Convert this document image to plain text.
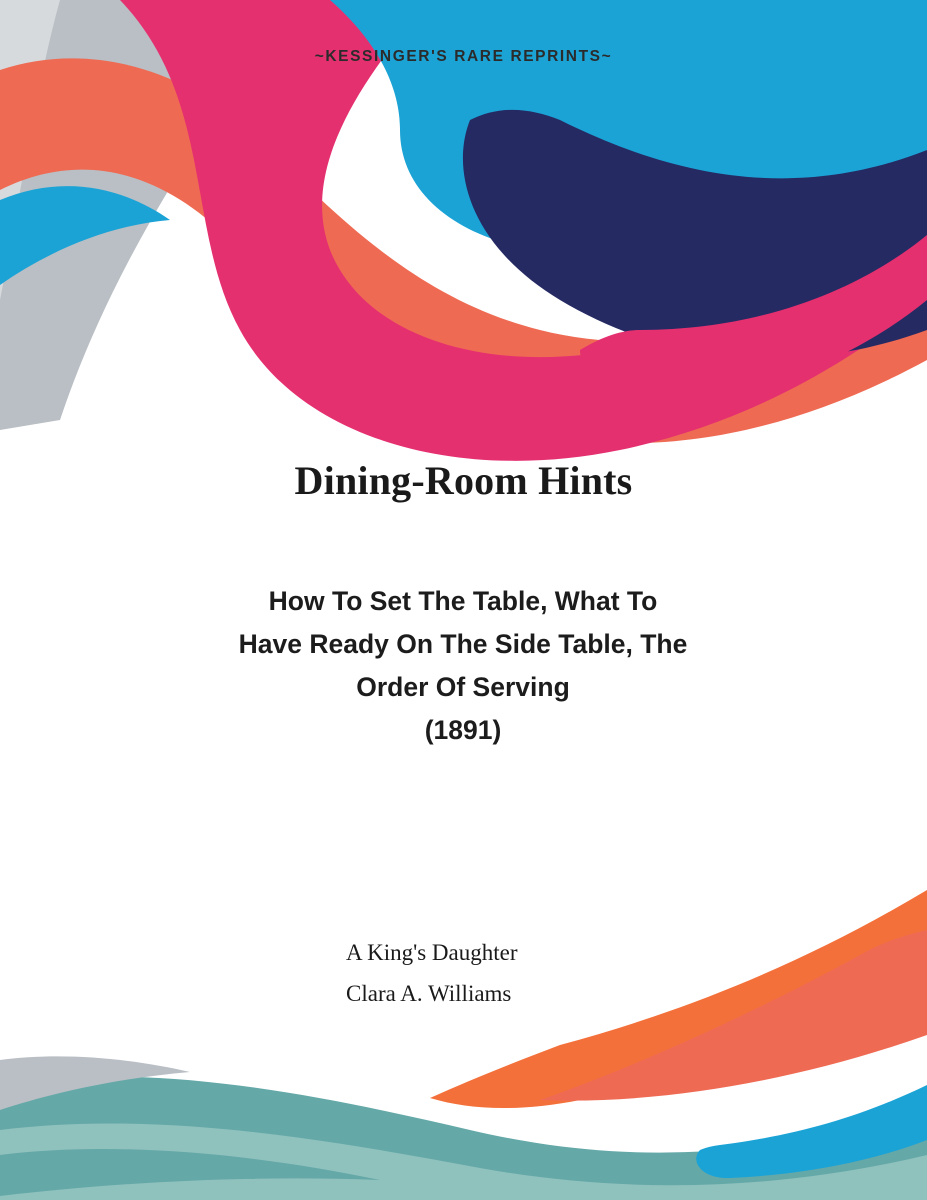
~KESSINGER'S RARE REPRINTS~
Dining-Room Hints
How To Set The Table, What To
Have Ready On The Side Table, The
Order Of Serving
(1891)
A King's Daughter
Clara A. Williams
